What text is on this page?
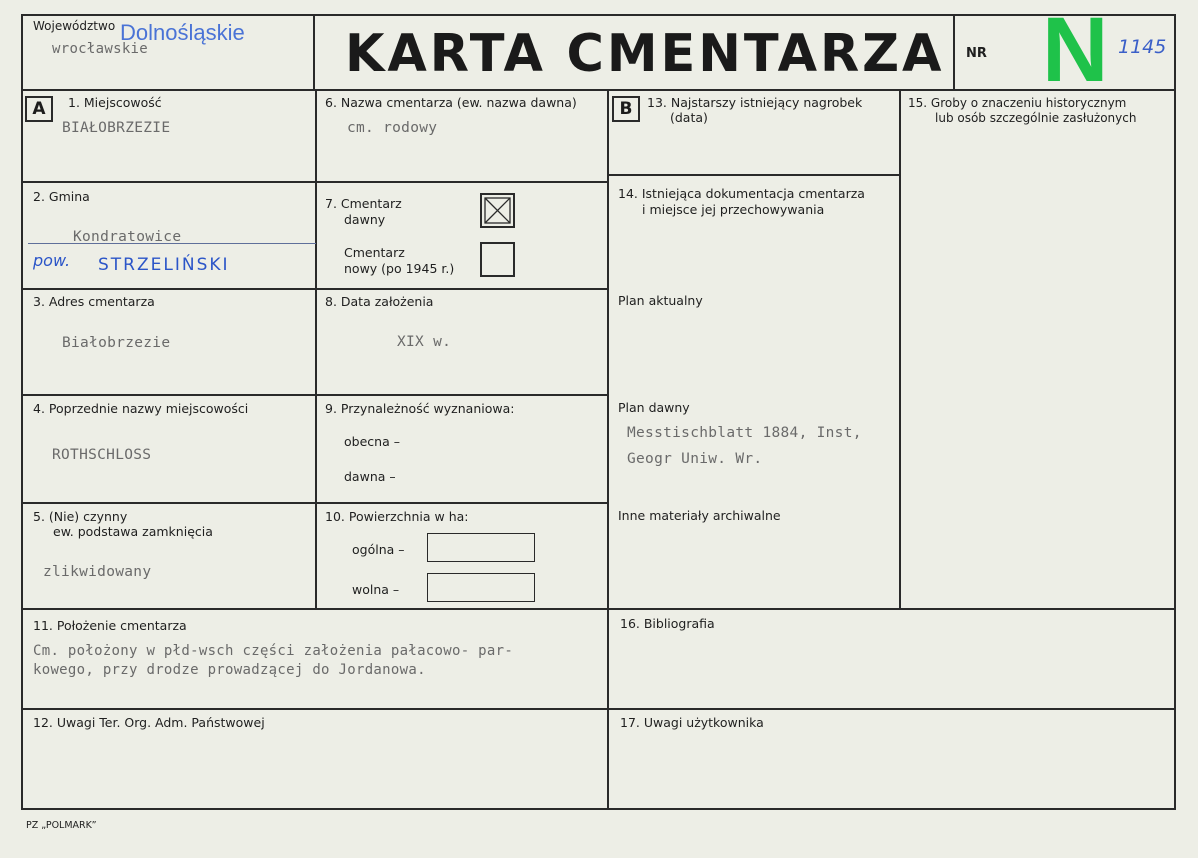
Województwo Dolnośląskie
wrocławskie	KARTA CMENTARZA NR N 1145
A	1. Miejscowość
BIAŁOBRZEZIE
2. Gmina
Kondratowice
pow. STRZELIŃSKI
3. Adres cmentarza
Białobrzezie
4. Poprzednie nazwy miejscowości
ROTHSCHLOSS
5. (Nie) czynny
ew. podstawa zamknięcia
zlikwidowany
6. Nazwa cmentarza (ew. nazwa dawna)
cm. rodowy
7. Cmentarz
dawny
Cmentarz
nowy (po 1945 r.)
8. Data założenia
XIX w.
9. Przynależność wyznaniowa:
obecna –
dawna –
10. Powierzchnia w ha:
ogólna –
wolna –
B	13. Najstarszy istniejący nagrobek
(data)
14. Istniejąca dokumentacja cmentarza
i miejsce jej przechowywania
Plan aktualny
Plan dawny
Messtischblatt 1884, Inst,
Geogr Uniw. Wr.
Inne materiały archiwalne
15. Groby o znaczeniu historycznym
lub osób szczególnie zasłużonych
11. Położenie cmentarza
Cm. położony w płd-wsch części założenia pałacowo- par-
kowego, przy drodze prowadzącej do Jordanowa.
16. Bibliografia
12. Uwagi Ter. Org. Adm. Państwowej	17. Uwagi użytkownika
PZ „POLMARK”
